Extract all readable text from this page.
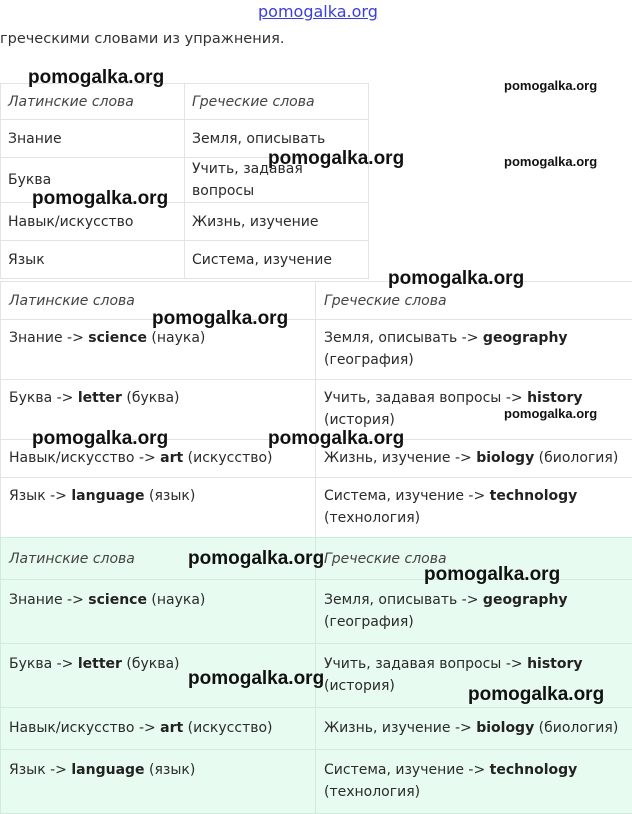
pomogalka.org
греческими словами из упражнения.
Латинские слова	Греческие слова
Знание	Земля, описывать
Буква	Учить, задавая вопросы
Навык/искусство	Жизнь, изучение
Язык	Система, изучение
Латинские слова	Греческие слова
Знание -> science (наука)	Земля, описывать -> geography (география)
Буква -> letter (буква)	Учить, задавая вопросы -> history (история)
Навык/искусство -> art (искусство)	Жизнь, изучение -> biology (биология)
Язык -> language (язык)	Система, изучение -> technology (технология)
Латинские слова	Греческие слова
Знание -> science (наука)	Земля, описывать -> geography (география)
Буква -> letter (буква)	Учить, задавая вопросы -> history (история)
Навык/искусство -> art (искусство)	Жизнь, изучение -> biology (биология)
Язык -> language (язык)	Система, изучение -> technology (технология)
pomogalka.org	pomogalka.org
pomogalka.org	pomogalka.org
pomogalka.org
pomogalka.org
pomogalka.org
pomogalka.org
pomogalka.org	pomogalka.org
pomogalka.org
pomogalka.org
pomogalka.org
pomogalka.org
